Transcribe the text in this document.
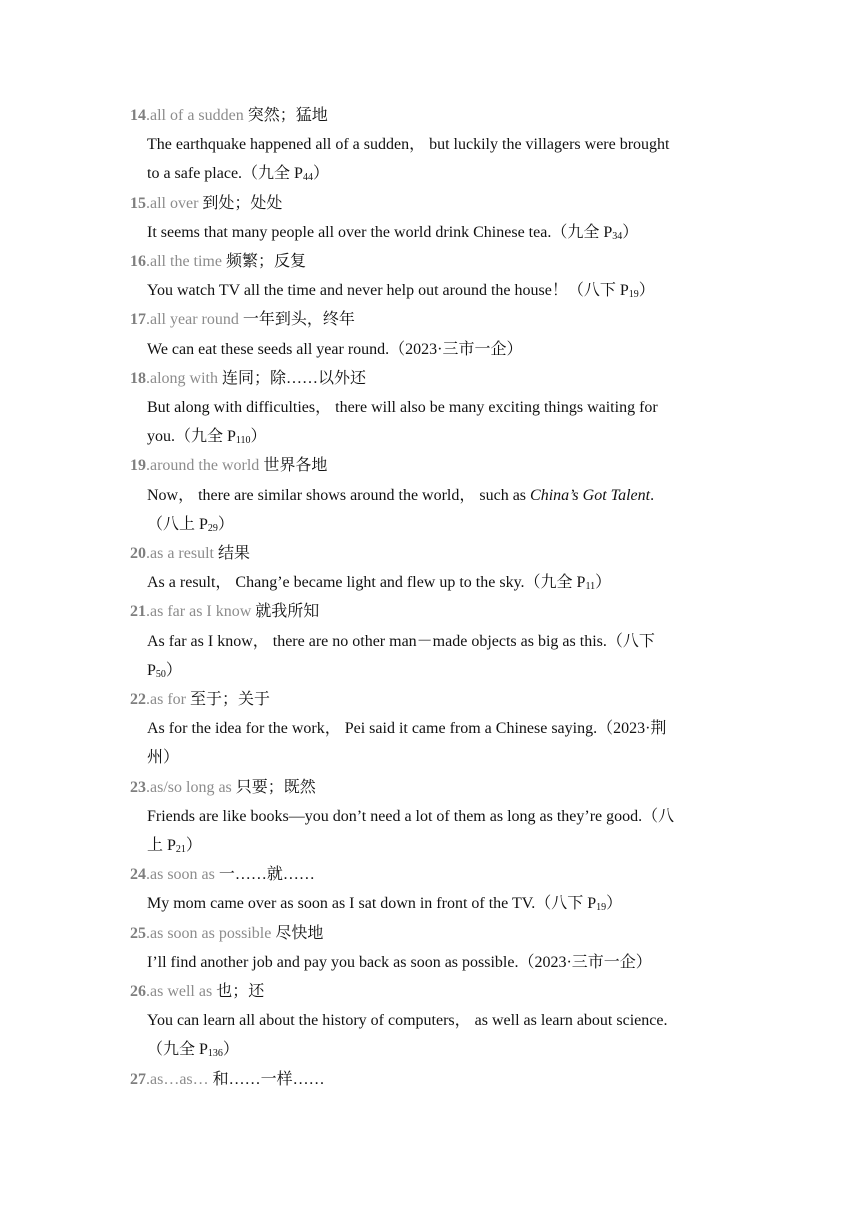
14.all of a sudden 突然；猛地
The earthquake happened all of a sudden， but luckily the villagers were brought
to a safe place.（九全 $P_{44}$）
15.all over 到处；处处
It seems that many people all over the world drink Chinese tea.（九全 $P_{34}$）
16.all the time 频繁；反复
You watch TV all the time and never help out around the house！（八下 $P_{19}$）
17.all year round 一年到头，终年
We can eat these seeds all year round.（2023·三市一企）
18.along with 连同；除……以外还
But along with difficulties， there will also be many exciting things waiting for
you.（九全 $P_{110}$）
19.around the world 世界各地
Now， there are similar shows around the world， such as China’s Got Talent.
（八上 $P_{29}$）
20.as a result 结果
As a result， Chang’e became light and flew up to the sky.（九全 $P_{11}$）
21.as far as I know 就我所知
As far as I know， there are no other man－made objects as big as this.（八下
$P_{50}$）
22.as for 至于；关于
As for the idea for the work， Pei said it came from a Chinese saying.（2023·荆
州）
23.as/so long as 只要；既然
Friends are like books—you don’t need a lot of them as long as they’re good.（八
上 $P_{21}$）
24.as soon as 一……就……
My mom came over as soon as I sat down in front of the TV.（八下 $P_{19}$）
25.as soon as possible 尽快地
I’ll find another job and pay you back as soon as possible.（2023·三市一企）
26.as well as 也；还
You can learn all about the history of computers， as well as learn about science.
（九全 $P_{136}$）
27.as…as… 和……一样……
